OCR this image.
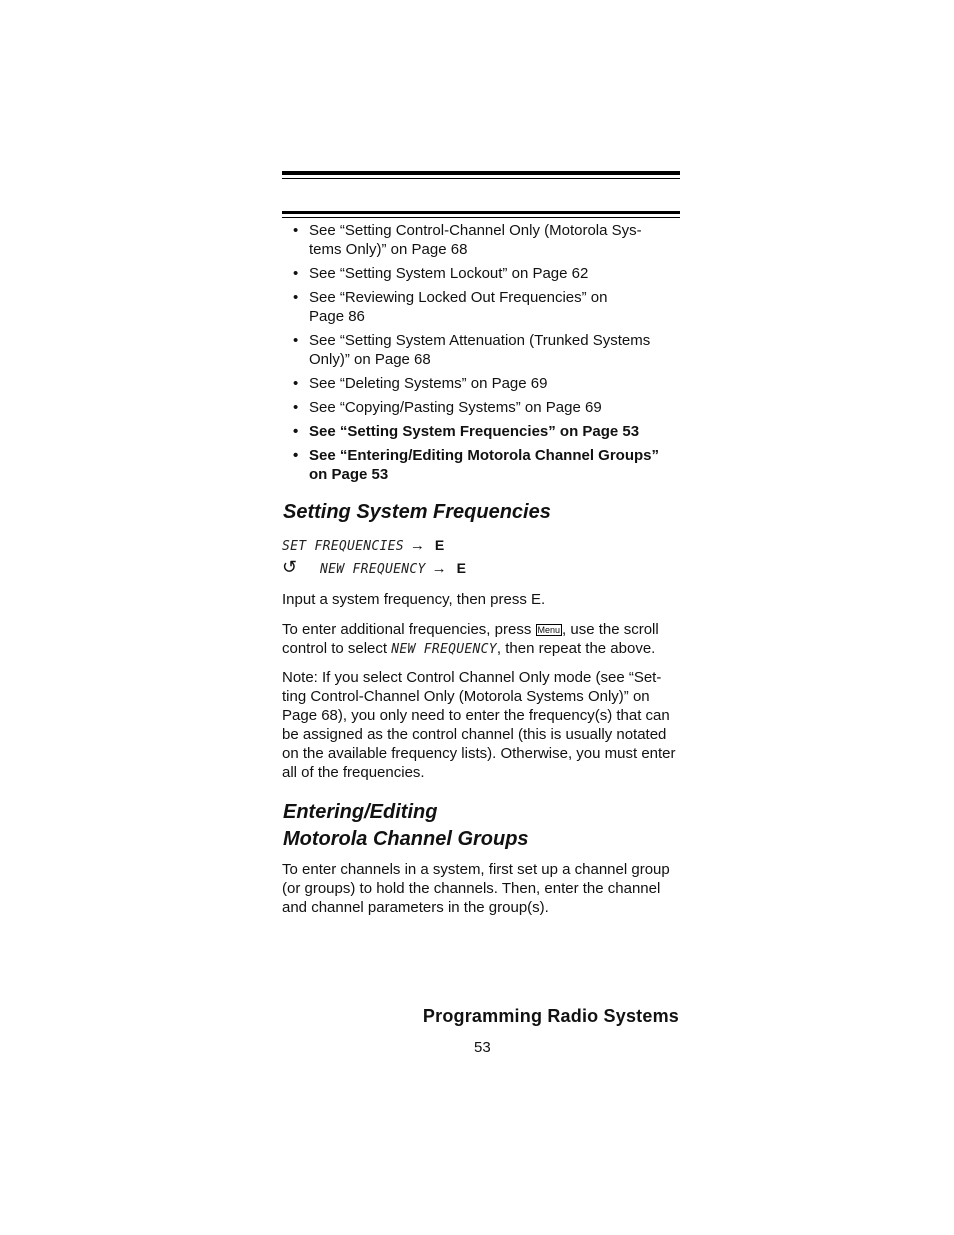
• See “Setting Control-Channel Only (Motorola Sys-
tems Only)” on Page 68
• See “Setting System Lockout” on Page 62
• See “Reviewing Locked Out Frequencies” on
Page 86
• See “Setting System Attenuation (Trunked Systems
Only)” on Page 68
• See “Deleting Systems” on Page 69
• See “Copying/Pasting Systems” on Page 69
• See “Setting System Frequencies” on Page 53
• See “Entering/Editing Motorola Channel Groups”
on Page 53
Setting System Frequencies
SET FREQUENCIES → E
↺ NEW FREQUENCY → E

Input a system frequency, then press E.

To enter additional frequencies, press Menu , use the scroll
control to select NEW FREQUENCY, then repeat the above.

Note: If you select Control Channel Only mode (see “Set-ting Control-Channel Only (Motorola Systems Only)” on Page 68), you only need to enter the frequency(s) that can be assigned as the control channel (this is usually notated on the available frequency lists). Otherwise, you must enter all of the frequencies.

Entering/Editing
Motorola Channel Groups

To enter channels in a system, first set up a channel group (or groups) to hold the channels. Then, enter the channel and channel parameters in the group(s).

Programming Radio Systems
53
